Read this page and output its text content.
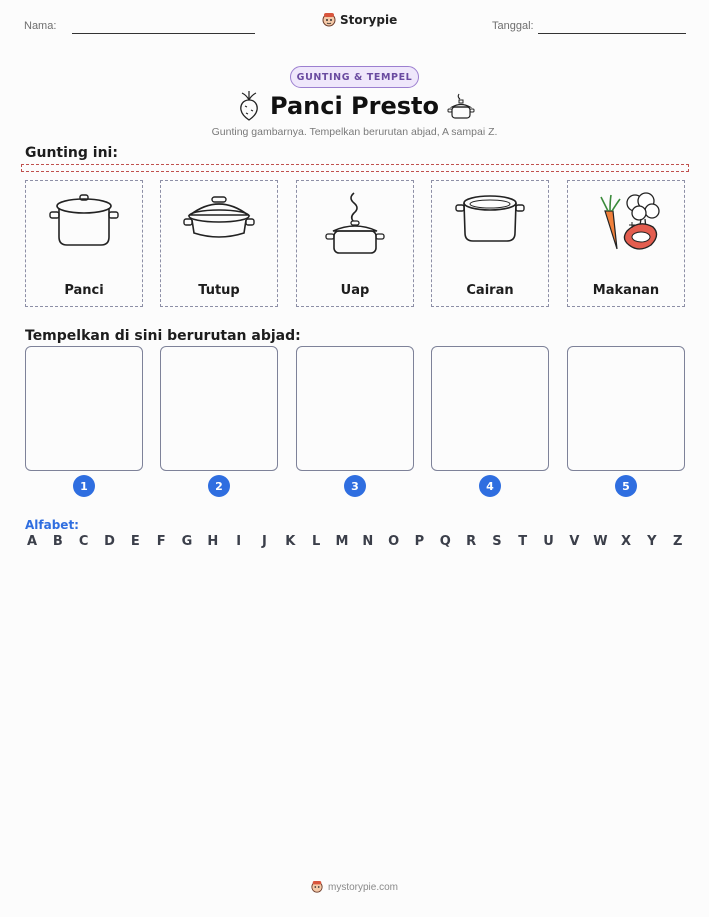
Nama:	Storypie	Tanggal:
GUNTING & TEMPEL
Panci Presto
Gunting gambarnya. Tempelkan berurutan abjad, A sampai Z.
Gunting ini:
Panci	Tutup	Uap	Cairan	Makanan
Tempelkan di sini berurutan abjad:
1	2	3	4	5
Alfabet:
A B C D E F G H	I	J	K L M N O P Q R S T U V W X Y Z
mystorypie.com
